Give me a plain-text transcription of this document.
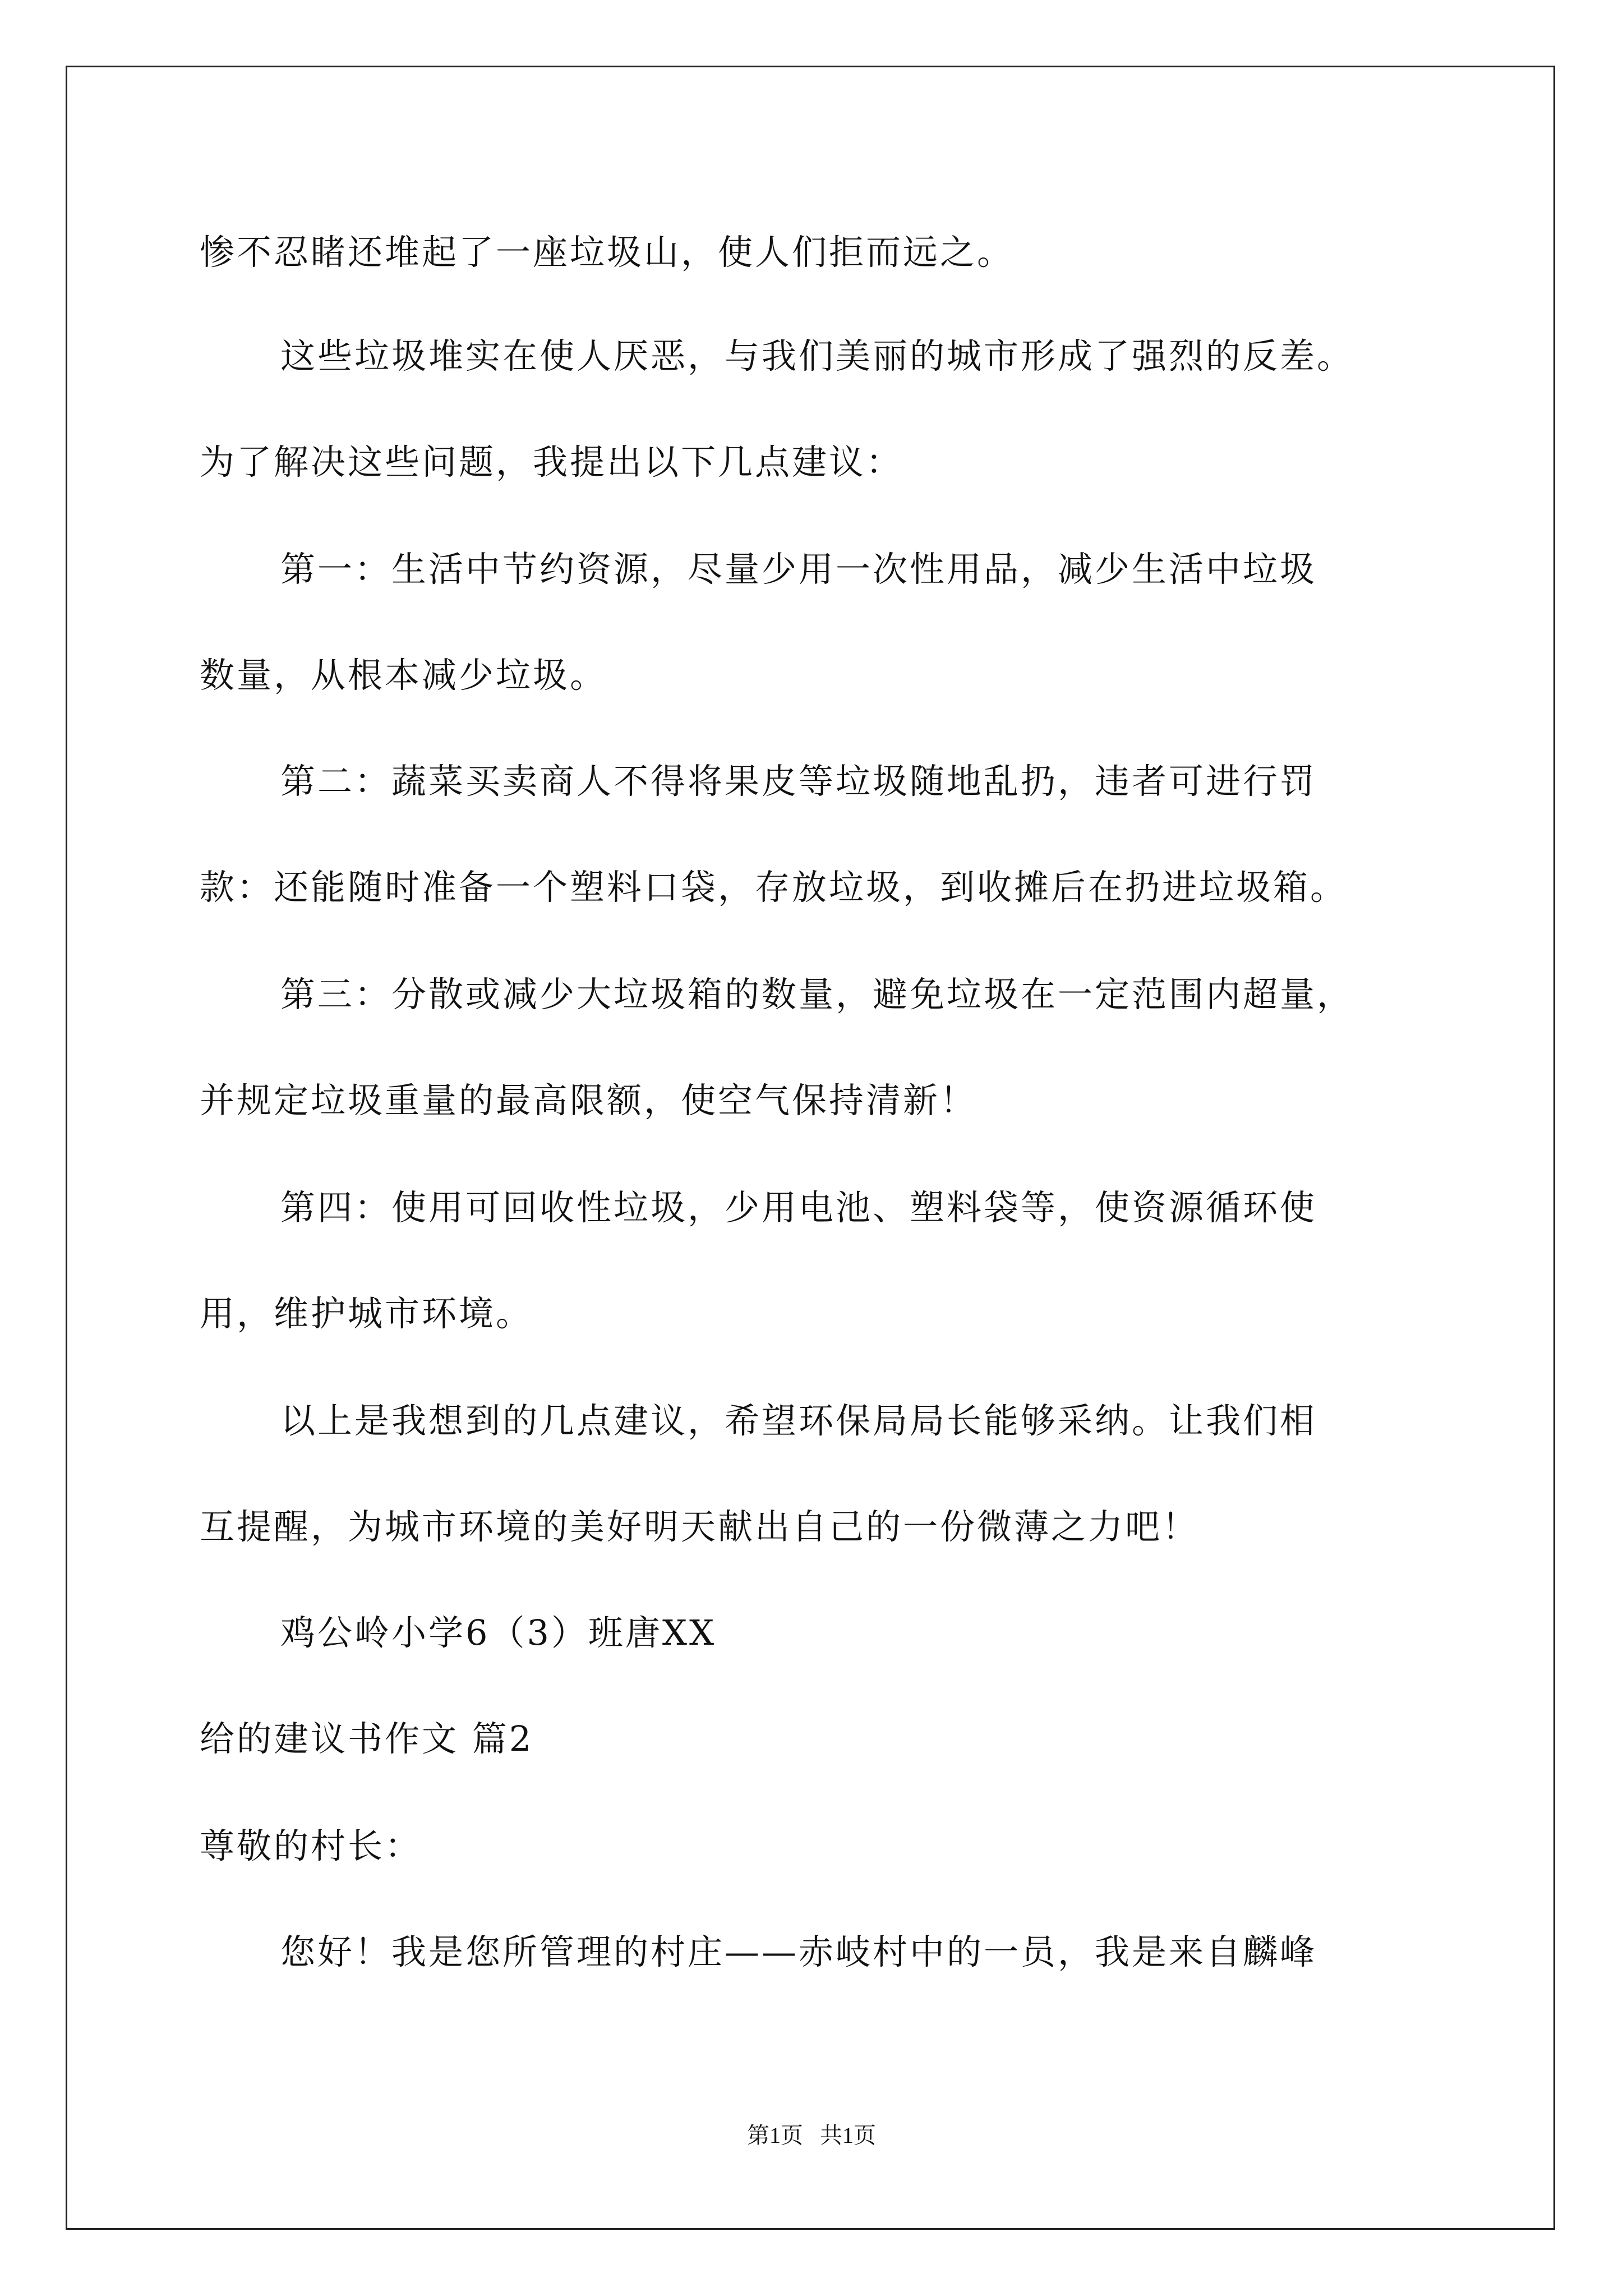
惨不忍睹还堆起了一座垃圾山，使人们拒而远之。
这些垃圾堆实在使人厌恶，与我们美丽的城市形成了强烈的反差。
为了解决这些问题，我提出以下几点建议：
第一：生活中节约资源，尽量少用一次性用品，减少生活中垃圾
数量，从根本减少垃圾。
第二：蔬菜买卖商人不得将果皮等垃圾随地乱扔，违者可进行罚
款：还能随时准备一个塑料口袋，存放垃圾，到收摊后在扔进垃圾箱。
第三：分散或减少大垃圾箱的数量，避免垃圾在一定范围内超量，
并规定垃圾重量的最高限额，使空气保持清新！
第四：使用可回收性垃圾，少用电池、塑料袋等，使资源循环使
用，维护城市环境。
以上是我想到的几点建议，希望环保局局长能够采纳。让我们相
互提醒，为城市环境的美好明天献出自己的一份微薄之力吧！
鸡公岭小学6（3）班唐XX
给的建议书作文 篇2
尊敬的村长：
您好！我是您所管理的村庄——赤岐村中的一员，我是来自麟峰
第1页   共1页
